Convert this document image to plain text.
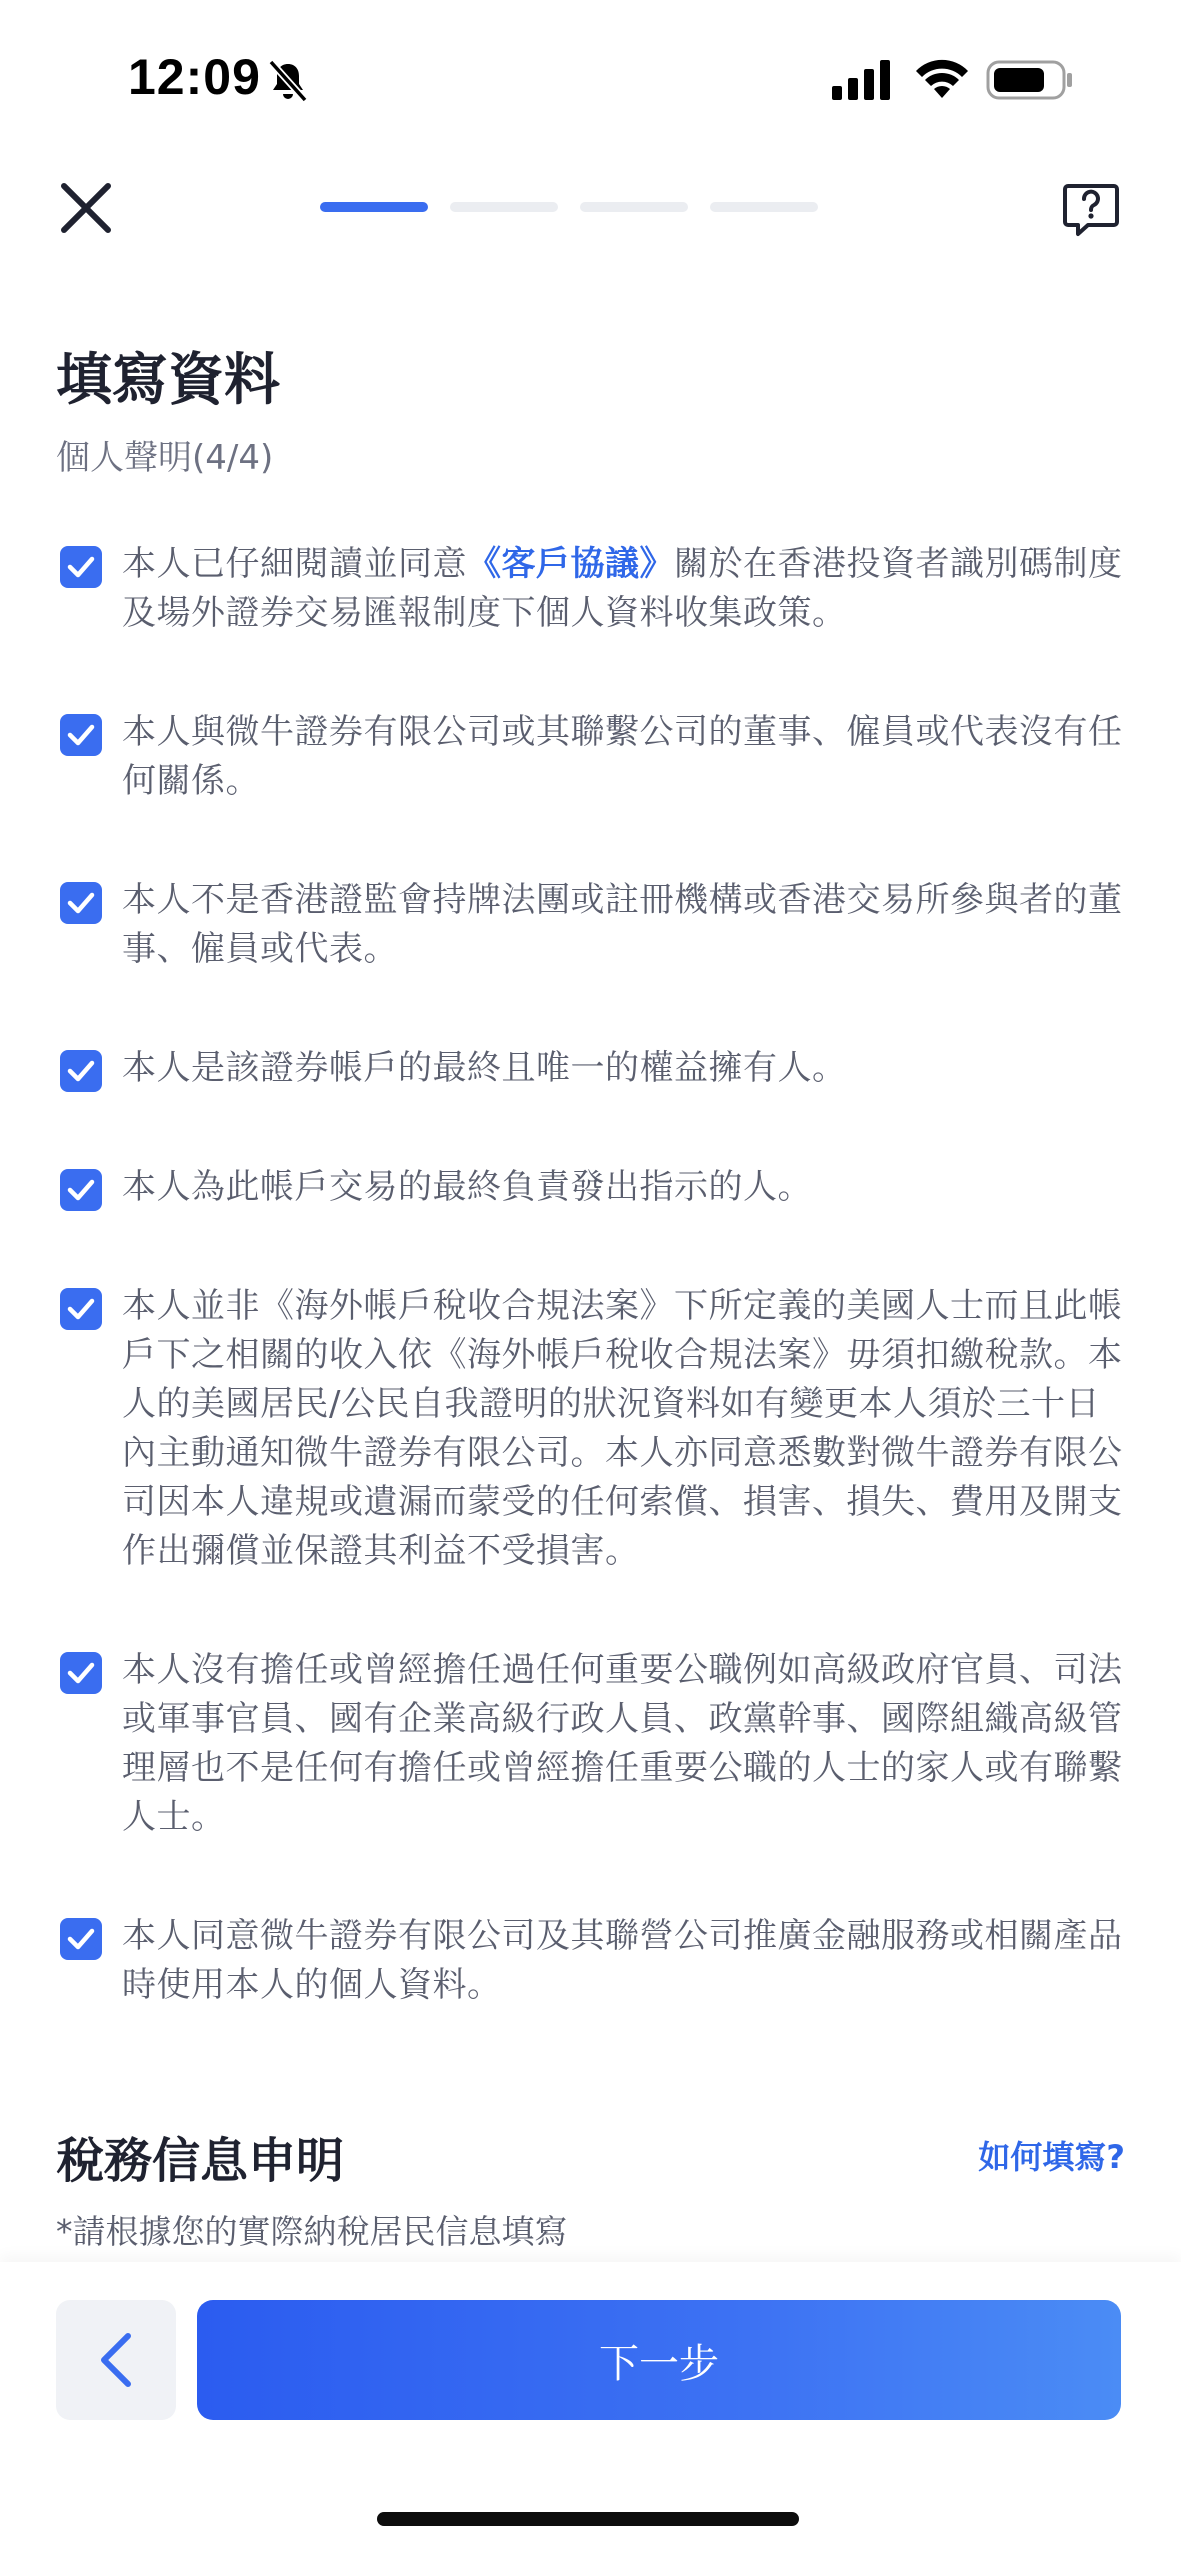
12:09
填寫資料
個人聲明(4/4)
本人已仔細閱讀並同意《客戶協議》關於在香港投資者識別碼制度及場外證券交易匯報制度下個人資料收集政策。
本人與微牛證券有限公司或其聯繫公司的董事、僱員或代表沒有任何關係。
本人不是香港證監會持牌法團或註冊機構或香港交易所參與者的董事、僱員或代表。
本人是該證券帳戶的最終且唯一的權益擁有人。
本人為此帳戶交易的最終負責發出指示的人。
本人並非《海外帳戶稅收合規法案》下所定義的美國人士而且此帳戶下之相關的收入依《海外帳戶稅收合規法案》毋須扣繳稅款。本人的美國居民/公民自我證明的狀況資料如有變更本人須於三十日內主動通知微牛證券有限公司。本人亦同意悉數對微牛證券有限公司因本人違規或遺漏而蒙受的任何索償、損害、損失、費用及開支作出彌償並保證其利益不受損害。
本人沒有擔任或曾經擔任過任何重要公職例如高級政府官員、司法或軍事官員、國有企業高級行政人員、政黨幹事、國際組織高級管理層也不是任何有擔任或曾經擔任重要公職的人士的家人或有聯繫人士。
本人同意微牛證券有限公司及其聯營公司推廣金融服務或相關產品時使用本人的個人資料。
稅務信息申明	如何填寫?
*請根據您的實際納稅居民信息填寫
下一步
